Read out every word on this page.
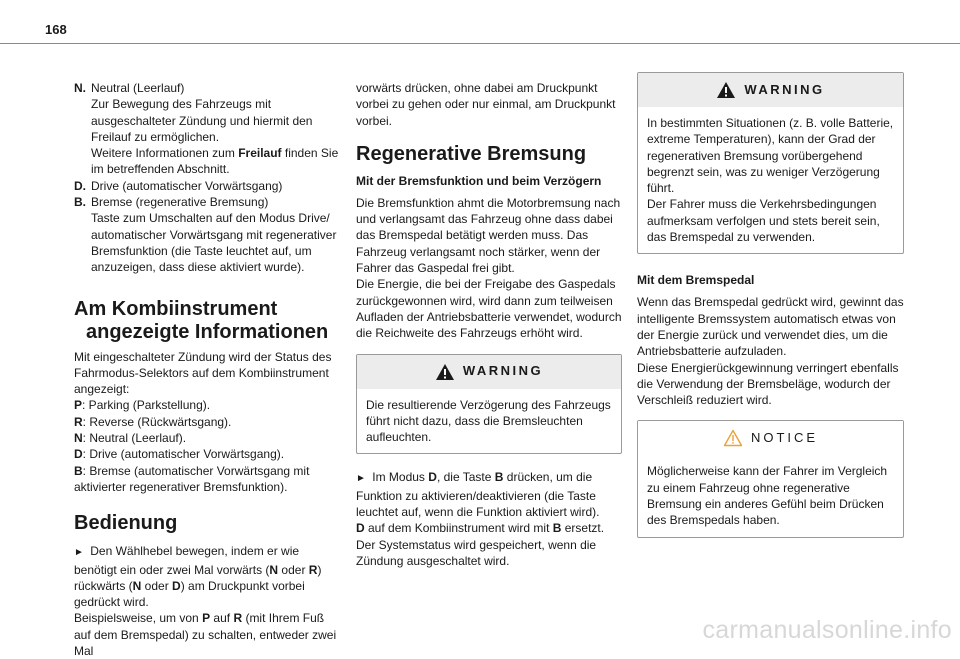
168
N. Neutral (Leerlauf)

Zur Bewegung des Fahrzeugs mit ausgeschalteter Zündung und hiermit den Freilauf zu ermöglichen.

Weitere Informationen zum Freilauf finden Sie im betreffenden Abschnitt.

D. Drive (automatischer Vorwärtsgang)

B. Bremse (regenerative Bremsung)

Taste zum Umschalten auf den Modus Drive/ automatischer Vorwärtsgang mit regenerativer Bremsfunktion (die Taste leuchtet auf, um anzuzeigen, dass diese aktiviert wurde).

Am Kombiinstrument
angezeigte Informationen

Mit eingeschalteter Zündung wird der Status des Fahrmodus-Selektors auf dem Kombiinstrument angezeigt:

P: Parking (Parkstellung).

R: Reverse (Rückwärtsgang).

N: Neutral (Leerlauf).

D: Drive (automatischer Vorwärtsgang).

B: Bremse (automatischer Vorwärtsgang mit aktivierter regenerativer Bremsfunktion).

Bedienung

► Den Wählhebel bewegen, indem er wie benötigt ein oder zwei Mal vorwärts (N oder R) rückwärts (N oder D) am Druckpunkt vorbei gedrückt wird.

Beispielsweise, um von P auf R (mit Ihrem Fuß auf dem Bremspedal) zu schalten, entweder zwei Mal

vorwärts drücken, ohne dabei am Druckpunkt vorbei zu gehen oder nur einmal, am Druckpunkt vorbei.

Regenerative Bremsung
Mit der Bremsfunktion und beim Verzögern

Die Bremsfunktion ahmt die Motorbremsung nach und verlangsamt das Fahrzeug ohne dass dabei das Bremspedal betätigt werden muss. Das Fahrzeug verlangsamt noch stärker, wenn der Fahrer das Gaspedal frei gibt.

Die Energie, die bei der Freigabe des Gaspedals zurückgewonnen wird, wird dann zum teilweisen Aufladen der Antriebsbatterie verwendet, wodurch die Reichweite des Fahrzeugs erhöht wird.

WARNING

Die resultierende Verzögerung des Fahrzeugs führt nicht dazu, dass die Bremsleuchten aufleuchten.

► Im Modus D, die Taste B drücken, um die Funktion zu aktivieren/deaktivieren (die Taste leuchtet auf, wenn die Funktion aktiviert wird).

D auf dem Kombiinstrument wird mit B ersetzt.

Der Systemstatus wird gespeichert, wenn die Zündung ausgeschaltet wird.

WARNING

In bestimmten Situationen (z. B. volle Batterie, extreme Temperaturen), kann der Grad der regenerativen Bremsung vorübergehend begrenzt sein, was zu weniger Verzögerung führt.

Der Fahrer muss die Verkehrsbedingungen aufmerksam verfolgen und stets bereit sein, das Bremspedal zu verwenden.

Mit dem Bremspedal

Wenn das Bremspedal gedrückt wird, gewinnt das intelligente Bremssystem automatisch etwas von der Energie zurück und verwendet dies, um die Antriebsbatterie aufzuladen.

Diese Energierückgewinnung verringert ebenfalls die Verwendung der Bremsbeläge, wodurch der Verschleiß reduziert wird.

NOTICE

Möglicherweise kann der Fahrer im Vergleich zu einem Fahrzeug ohne regenerative Bremsung ein anderes Gefühl beim Drücken des Bremspedals haben.

carmanualsonline.info
